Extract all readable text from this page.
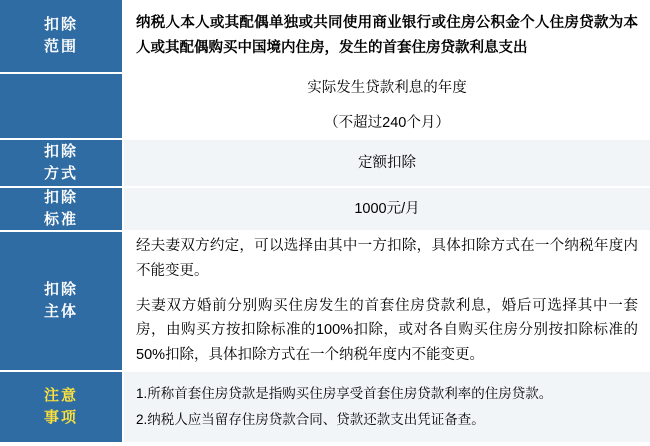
扣除
范围

纳税人本人或其配偶单独或共同使用商业银行或住房公积金个人住房贷款为本人或其配偶购买中国境内住房，发生的首套住房贷款利息支出

实际发生贷款利息的年度

（不超过240个月）

扣除
方式

定额扣除

扣除
标准

1000元/月

扣除
主体

经夫妻双方约定，可以选择由其中一方扣除，具体扣除方式在一个纳税年度内不能变更。

夫妻双方婚前分别购买住房发生的首套住房贷款利息，婚后可选择其中一套房，由购买方按扣除标准的100%扣除，或对各自购买住房分别按扣除标准的50%扣除，具体扣除方式在一个纳税年度内不能变更。

注意
事项

1.所称首套住房贷款是指购买住房享受首套住房贷款利率的住房贷款。

2.纳税人应当留存住房贷款合同、贷款还款支出凭证备查。
